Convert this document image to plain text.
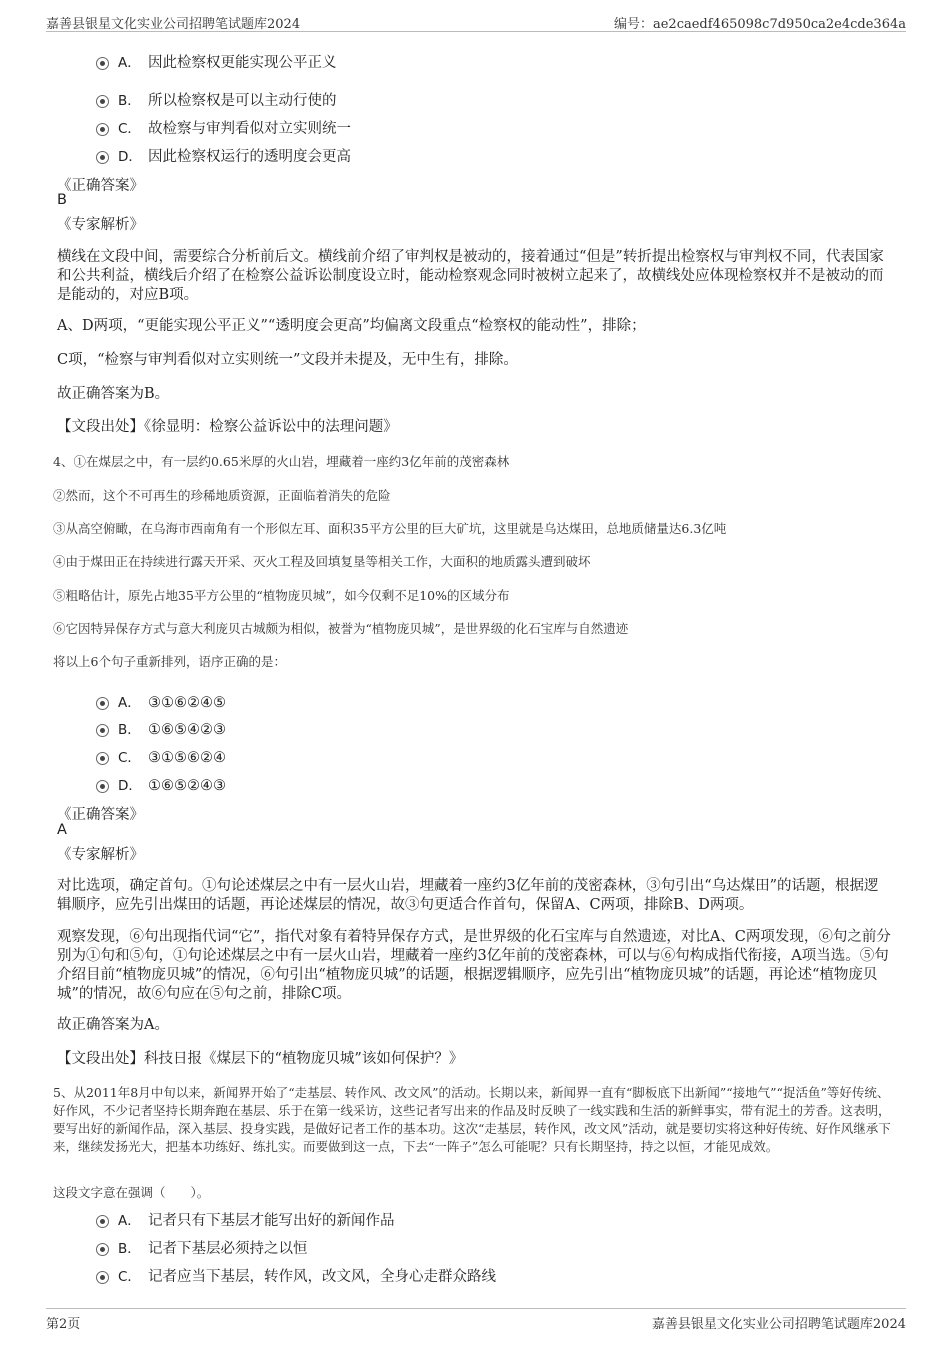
嘉善县银星文化实业公司招聘笔试题库2024	编号：ae2caedf465098c7d950ca2e4cde364a
A． 因此检察权更能实现公平正义
B． 所以检察权是可以主动行使的
C． 故检察与审判看似对立实则统一
D． 因此检察权运行的透明度会更高
《正确答案》
B
《专家解析》
横线在文段中间，需要综合分析前后文。横线前介绍了审判权是被动的，接着通过“但是”转折提出检察权与审判权不同，代表国家和公共利益，横线后介绍了在检察公益诉讼制度设立时，能动检察观念同时被树立起来了，故横线处应体现检察权并不是被动的而是能动的，对应B项。
A、D两项，“更能实现公平正义”“透明度会更高”均偏离文段重点“检察权的能动性”，排除；
C项，“检察与审判看似对立实则统一”文段并未提及，无中生有，排除。
故正确答案为B。
【文段出处】《徐显明：检察公益诉讼中的法理问题》
4、①在煤层之中，有一层约0.65米厚的火山岩，埋藏着一座约3亿年前的茂密森林
②然而，这个不可再生的珍稀地质资源，正面临着消失的危险
③从高空俯瞰，在乌海市西南角有一个形似左耳、面积35平方公里的巨大矿坑，这里就是乌达煤田，总地质储量达6.3亿吨
④由于煤田正在持续进行露天开采、灭火工程及回填复垦等相关工作，大面积的地质露头遭到破坏
⑤粗略估计，原先占地35平方公里的“植物庞贝城”，如今仅剩不足10%的区域分布
⑥它因特异保存方式与意大利庞贝古城颇为相似，被誉为“植物庞贝城”，是世界级的化石宝库与自然遗迹
将以上6个句子重新排列，语序正确的是：
A． ③①⑥②④⑤
B． ①⑥⑤④②③
C． ③①⑤⑥②④
D． ①⑥⑤②④③
《正确答案》
A
《专家解析》
对比选项，确定首句。①句论述煤层之中有一层火山岩，埋藏着一座约3亿年前的茂密森林，③句引出“乌达煤田”的话题，根据逻辑顺序，应先引出煤田的话题，再论述煤层的情况，故③句更适合作首句，保留A、C两项，排除B、D两项。
观察发现，⑥句出现指代词“它”，指代对象有着特异保存方式，是世界级的化石宝库与自然遗迹，对比A、C两项发现，⑥句之前分别为①句和⑤句，①句论述煤层之中有一层火山岩，埋藏着一座约3亿年前的茂密森林，可以与⑥句构成指代衔接，A项当选。⑤句介绍目前“植物庞贝城”的情况，⑥句引出“植物庞贝城”的话题，根据逻辑顺序，应先引出“植物庞贝城”的话题，再论述“植物庞贝城”的情况，故⑥句应在⑤句之前，排除C项。
故正确答案为A。
【文段出处】科技日报《煤层下的“植物庞贝城”该如何保护？》
5、从2011年8月中旬以来，新闻界开始了“走基层、转作风、改文风”的活动。长期以来，新闻界一直有“脚板底下出新闻”“接地气”“捉活鱼”等好传统、好作风，不少记者坚持长期奔跑在基层、乐于在第一线采访，这些记者写出来的作品及时反映了一线实践和生活的新鲜事实，带有泥土的芳香。这表明，要写出好的新闻作品，深入基层、投身实践，是做好记者工作的基本功。这次“走基层，转作风，改文风”活动，就是要切实将这种好传统、好作风继承下来，继续发扬光大，把基本功练好、练扎实。而要做到这一点，下去“一阵子”怎么可能呢？只有长期坚持，持之以恒，才能见成效。
这段文字意在强调（　　）。
A． 记者只有下基层才能写出好的新闻作品
B． 记者下基层必须持之以恒
C． 记者应当下基层，转作风，改文风，全身心走群众路线
第2页	嘉善县银星文化实业公司招聘笔试题库2024
